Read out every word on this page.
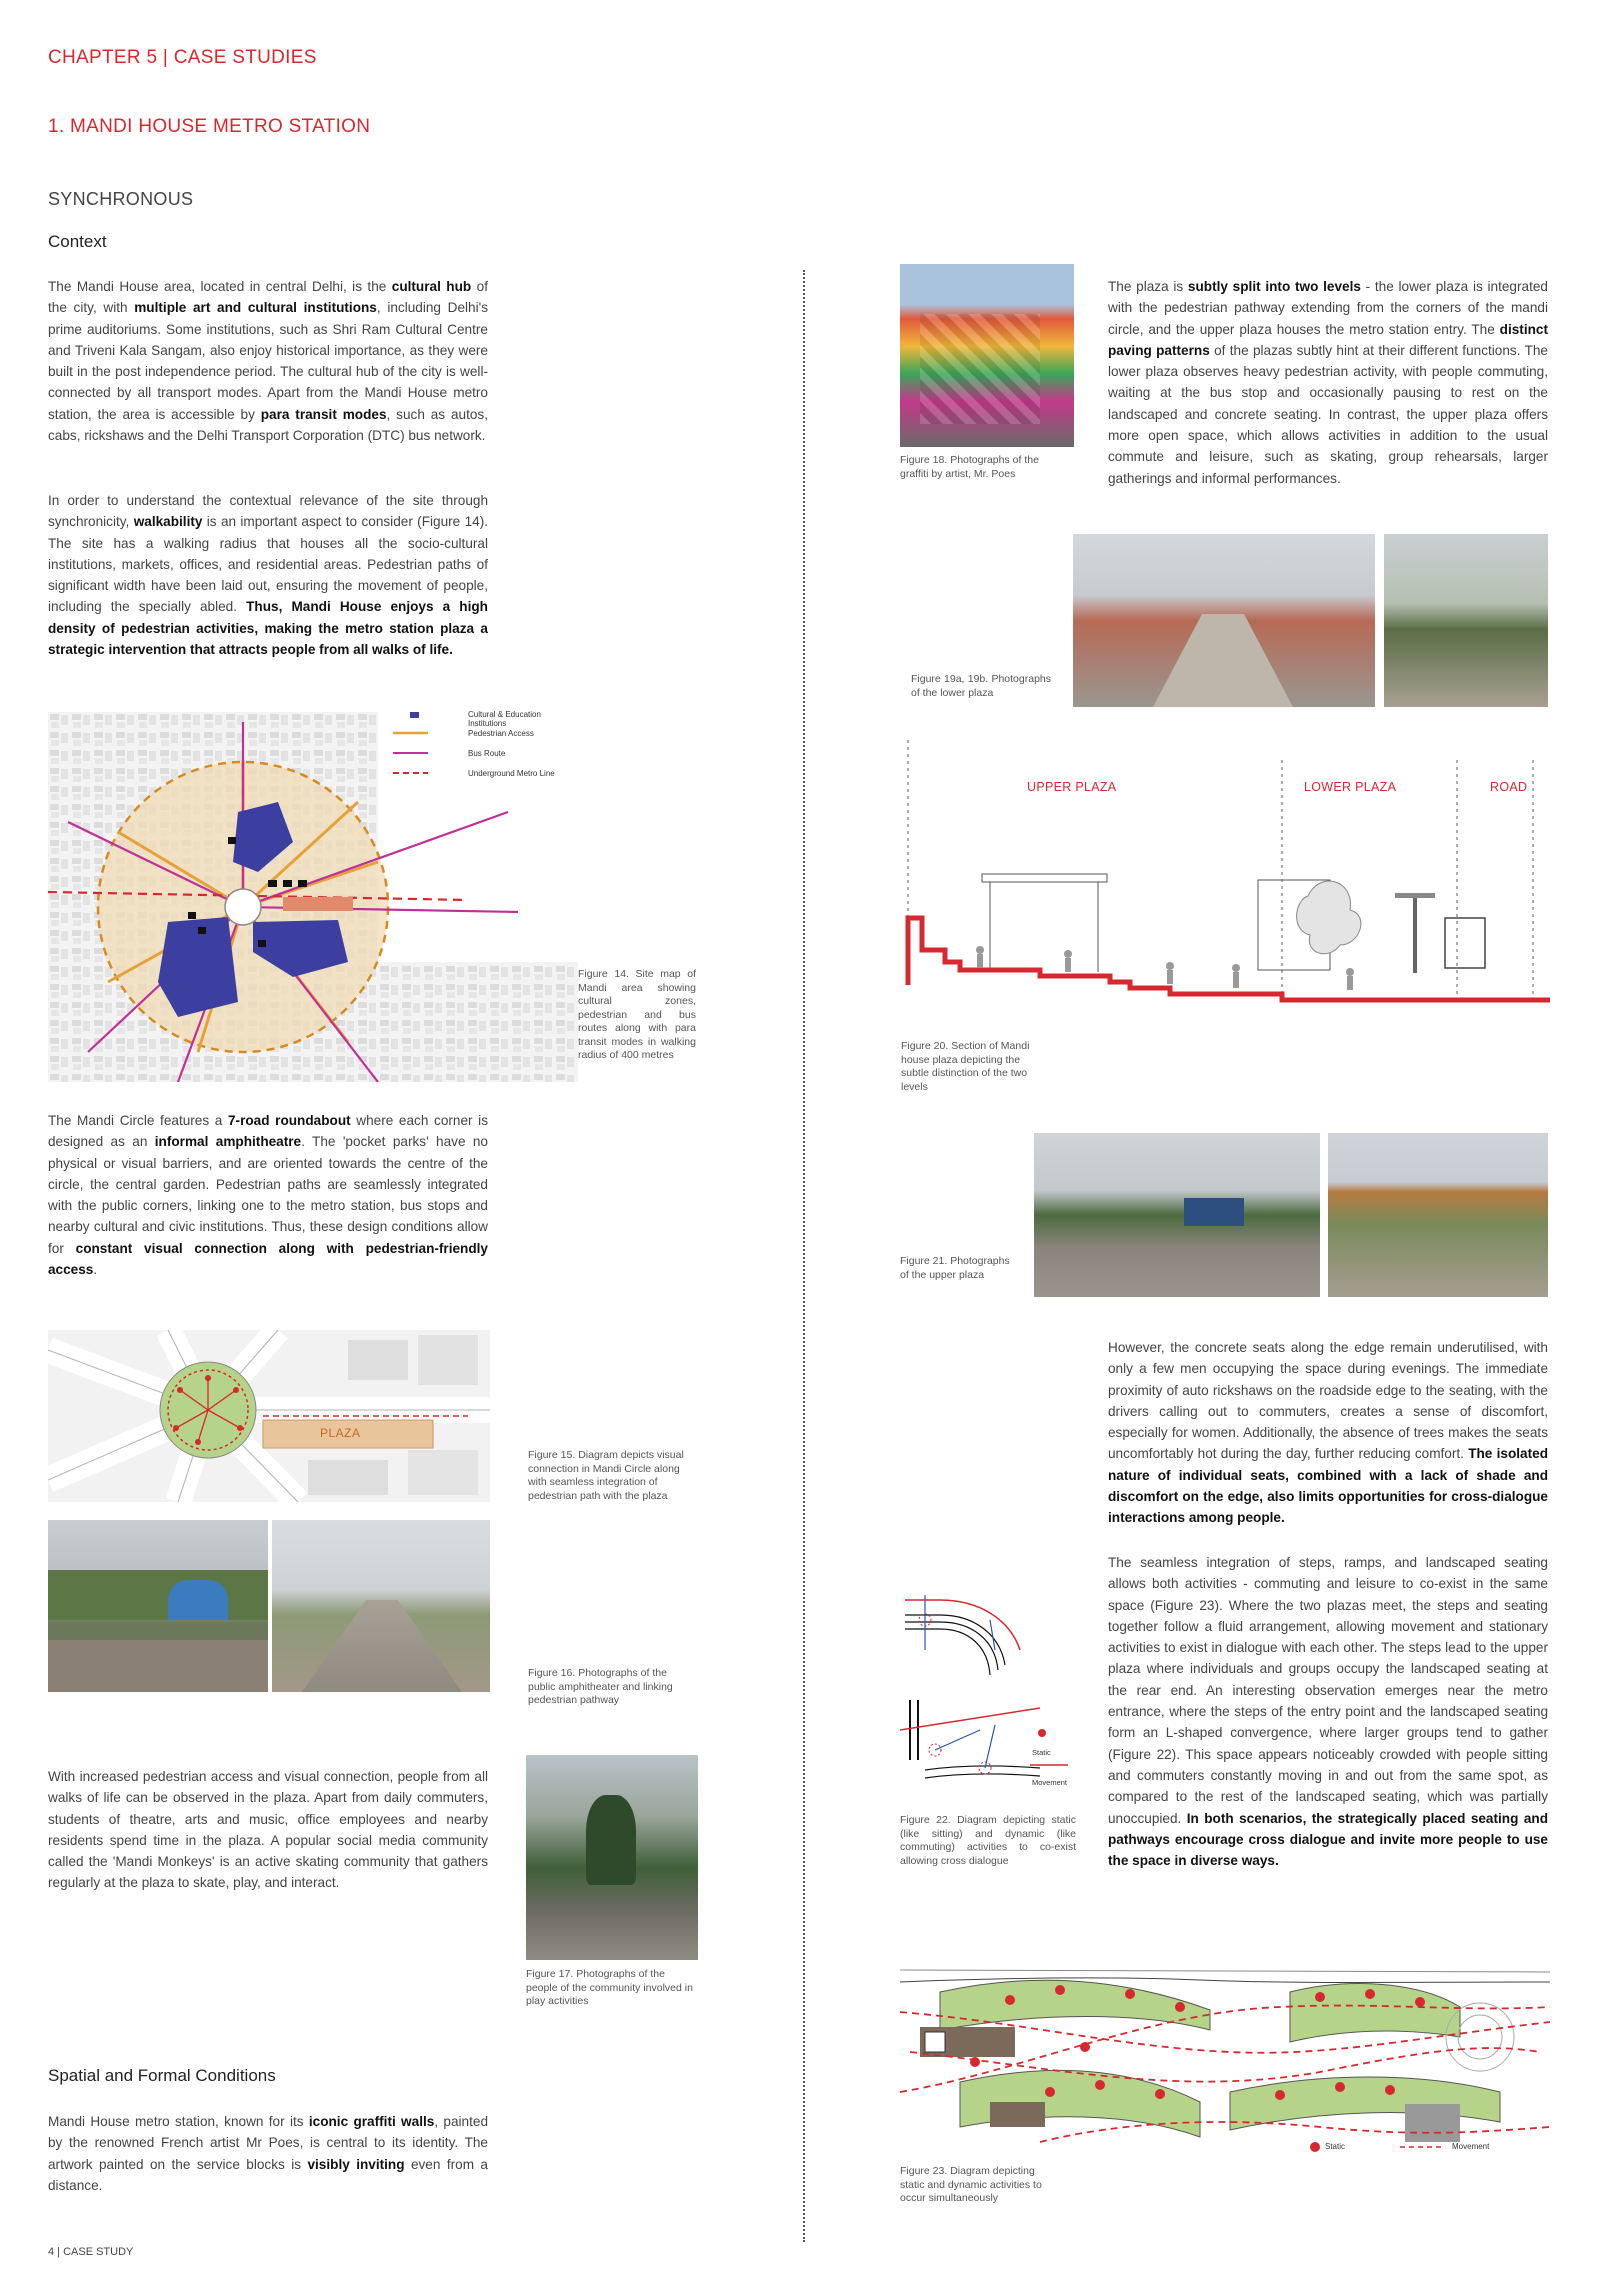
CHAPTER 5 | CASE STUDIES
1. MANDI HOUSE METRO STATION
SYNCHRONOUS
Context
The Mandi House area, located in central Delhi, is the cultural hub of the city, with multiple art and cultural institutions, including Delhi's prime auditoriums. Some institutions, such as Shri Ram Cultural Centre and Triveni Kala Sangam, also enjoy historical importance, as they were built in the post independence period. The cultural hub of the city is well-connected by all transport modes. Apart from the Mandi House metro station, the area is accessible by para transit modes, such as autos, cabs, rickshaws and the Delhi Transport Corporation (DTC) bus network.
In order to understand the contextual relevance of the site through synchronicity, walkability is an important aspect to consider (Figure 14). The site has a walking radius that houses all the socio-cultural institutions, markets, offices, and residential areas. Pedestrian paths of significant width have been laid out, ensuring the movement of people, including the specially abled. Thus, Mandi House enjoys a high density of pedestrian activities, making the metro station plaza a strategic intervention that attracts people from all walks of life.
Cultural & Education Institutions
Pedestrian Access
Bus Route
Underground Metro Line
Figure 14. Site map of Mandi area showing cultural zones, pedestrian and bus routes along with para transit modes in walking radius of 400 metres
The Mandi Circle features a 7-road roundabout where each corner is designed as an informal amphitheatre. The 'pocket parks' have no physical or visual barriers, and are oriented towards the centre of the circle, the central garden. Pedestrian paths are seamlessly integrated with the public corners, linking one to the metro station, bus stops and nearby cultural and civic institutions. Thus, these design conditions allow for constant visual connection along with pedestrian-friendly access.
PLAZA
Figure 15. Diagram depicts visual connection in Mandi Circle along with seamless integration of pedestrian path with the plaza
Figure 16. Photographs of the public amphitheater and linking pedestrian pathway
With increased pedestrian access and visual connection, people from all walks of life can be observed in the plaza. Apart from daily commuters, students of theatre, arts and music, office employees and nearby residents spend time in the plaza. A popular social media community called the 'Mandi Monkeys' is an active skating community that gathers regularly at the plaza to skate, play, and interact.
Figure 17. Photographs of the people of the community involved in play activities
Spatial and Formal Conditions
Mandi House metro station, known for its iconic graffiti walls, painted by the renowned French artist Mr Poes, is central to its identity. The artwork painted on the service blocks is visibly inviting even from a distance.
4 | CASE STUDY
Figure 18. Photographs of the graffiti by artist, Mr. Poes
The plaza is subtly split into two levels - the lower plaza is integrated with the pedestrian pathway extending from the corners of the mandi circle, and the upper plaza houses the metro station entry. The distinct paving patterns of the plazas subtly hint at their different functions. The lower plaza observes heavy pedestrian activity, with people commuting, waiting at the bus stop and occasionally pausing to rest on the landscaped and concrete seating. In contrast, the upper plaza offers more open space, which allows activities in addition to the usual commute and leisure, such as skating, group rehearsals, larger gatherings and informal performances.
Figure 19a, 19b. Photographs of the lower plaza
UPPER PLAZA	LOWER PLAZA	ROAD
Figure 20. Section of Mandi house plaza depicting the subtle distinction of the two levels
Figure 21. Photographs of the upper plaza
However, the concrete seats along the edge remain underutilised, with only a few men occupying the space during evenings. The immediate proximity of auto rickshaws on the roadside edge to the seating, with the drivers calling out to commuters, creates a sense of discomfort, especially for women. Additionally, the absence of trees makes the seats uncomfortably hot during the day, further reducing comfort. The isolated nature of individual seats, combined with a lack of shade and discomfort on the edge, also limits opportunities for cross-dialogue interactions among people.
The seamless integration of steps, ramps, and landscaped seating allows both activities - commuting and leisure to co-exist in the same space (Figure 23). Where the two plazas meet, the steps and seating together follow a fluid arrangement, allowing movement and stationary activities to exist in dialogue with each other. The steps lead to the upper plaza where individuals and groups occupy the landscaped seating at the rear end. An interesting observation emerges near the metro entrance, where the steps of the entry point and the landscaped seating form an L-shaped convergence, where larger groups tend to gather (Figure 22). This space appears noticeably crowded with people sitting and commuters constantly moving in and out from the same spot, as compared to the rest of the landscaped seating, which was partially unoccupied. In both scenarios, the strategically placed seating and pathways encourage cross dialogue and invite more people to use the space in diverse ways.
Static
Movement
Figure 22. Diagram depicting static (like sitting) and dynamic (like commuting) activities to co-exist allowing cross dialogue
Static	Movement
Figure 23. Diagram depicting static and dynamic activities to occur simultaneously
